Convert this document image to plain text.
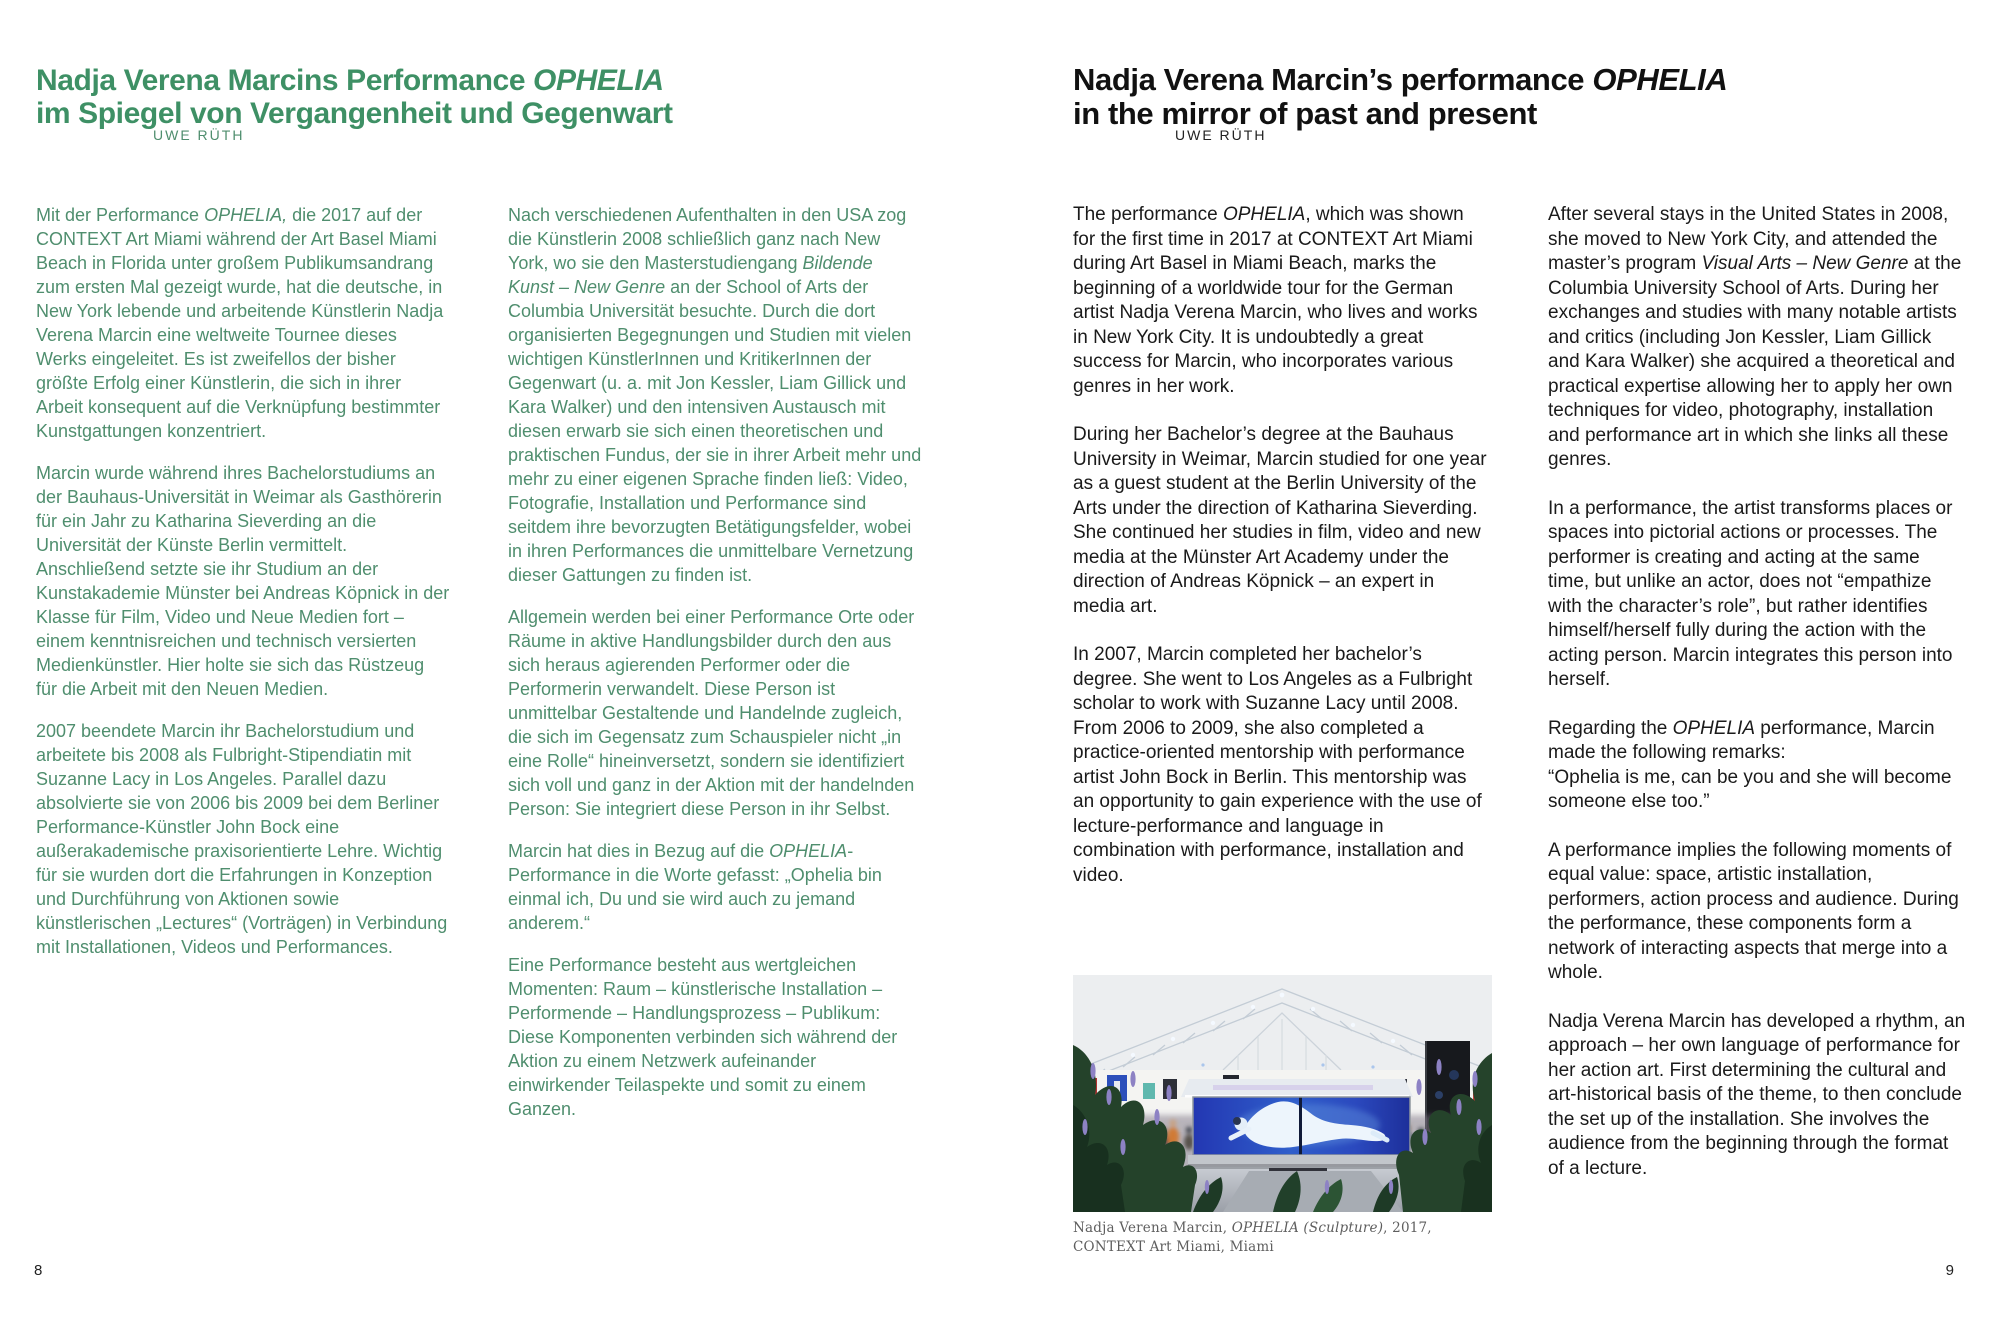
Nadja Verena Marcins Performance OPHELIA

im Spiegel von Vergangenheit und Gegenwart

UWE RÜTH

Mit der Performance OPHELIA, die 2017 auf der CONTEXT Art Miami während der Art Basel Miami Beach in Florida unter großem Publikumsandrang zum ersten Mal gezeigt wurde, hat die deutsche, in New York lebende und arbeitende Künstlerin Nadja Verena Marcin eine weltweite Tournee dieses Werks eingeleitet. Es ist zweifellos der bisher größte Erfolg einer Künstlerin, die sich in ihrer Arbeit konsequent auf die Verknüpfung bestimmter Kunstgattungen konzentriert.

Marcin wurde während ihres Bachelorstudiums an der Bauhaus-Universität in Weimar als Gasthörerin für ein Jahr zu Katharina Sieverding an die Universität der Künste Berlin vermittelt. Anschließend setzte sie ihr Studium an der Kunstakademie Münster bei Andreas Köpnick in der Klasse für Film, Video und Neue Medien fort – einem kenntnisreichen und technisch versierten Medienkünstler. Hier holte sie sich das Rüstzeug für die Arbeit mit den Neuen Medien.

2007 beendete Marcin ihr Bachelorstudium und arbeitete bis 2008 als Fulbright-Stipendiatin mit Suzanne Lacy in Los Angeles. Parallel dazu absolvierte sie von 2006 bis 2009 bei dem Berliner Performance-Künstler John Bock eine außerakademische praxisorientierte Lehre. Wichtig für sie wurden dort die Erfahrungen in Konzeption und Durchführung von Aktionen sowie künstlerischen „Lectures“ (Vorträgen) in Verbindung mit Installationen, Videos und Performances.

Nach verschiedenen Aufenthalten in den USA zog die Künstlerin 2008 schließlich ganz nach New York, wo sie den Masterstudiengang Bildende Kunst – New Genre an der School of Arts der Columbia Universität besuchte. Durch die dort organisierten Begegnungen und Studien mit vielen wichtigen KünstlerInnen und KritikerInnen der Gegenwart (u. a. mit Jon Kessler, Liam Gillick und Kara Walker) und den intensiven Austausch mit diesen erwarb sie sich einen theoretischen und praktischen Fundus, der sie in ihrer Arbeit mehr und mehr zu einer eigenen Sprache finden ließ: Video, Fotografie, Installation und Performance sind seitdem ihre bevorzugten Betätigungsfelder, wobei in ihren Performances die unmittelbare Vernetzung dieser Gattungen zu finden ist.

Allgemein werden bei einer Performance Orte oder Räume in aktive Handlungsbilder durch den aus sich heraus agierenden Performer oder die Performerin verwandelt. Diese Person ist unmittelbar Gestaltende und Handelnde zugleich, die sich im Gegensatz zum Schauspieler nicht „in eine Rolle“ hineinversetzt, sondern sie identifiziert sich voll und ganz in der Aktion mit der handelnden Person: Sie integriert diese Person in ihr Selbst.

Marcin hat dies in Bezug auf die OPHELIA-Performance in die Worte gefasst: „Ophelia bin einmal ich, Du und sie wird auch zu jemand anderem.“

Eine Performance besteht aus wertgleichen Momenten: Raum – künstlerische Installation – Performende – Handlungsprozess – Publikum: Diese Komponenten verbinden sich während der Aktion zu einem Netzwerk aufeinander einwirkender Teilaspekte und somit zu einem Ganzen.

8

Nadja Verena Marcin’s performance OPHELIA

in the mirror of past and present

UWE RÜTH

The performance OPHELIA, which was shown for the first time in 2017 at CONTEXT Art Miami during Art Basel in Miami Beach, marks the beginning of a worldwide tour for the German artist Nadja Verena Marcin, who lives and works in New York City. It is undoubtedly a great success for Marcin, who incorporates various genres in her work.

During her Bachelor’s degree at the Bauhaus University in Weimar, Marcin studied for one year as a guest student at the Berlin University of the Arts under the direction of Katharina Sieverding. She continued her studies in film, video and new media at the Münster Art Academy under the direction of Andreas Köpnick – an expert in media art.

In 2007, Marcin completed her bachelor’s degree. She went to Los Angeles as a Fulbright scholar to work with Suzanne Lacy until 2008. From 2006 to 2009, she also completed a practice-oriented mentorship with performance artist John Bock in Berlin. This mentorship was an opportunity to gain experience with the use of lecture-performance and language in combination with performance, installation and video.

After several stays in the United States in 2008, she moved to New York City, and attended the master’s program Visual Arts – New Genre at the Columbia University School of Arts. During her exchanges and studies with many notable artists and critics (including Jon Kessler, Liam Gillick and Kara Walker) she acquired a theoretical and practical expertise allowing her to apply her own techniques for video, photography, installation and performance art in which she links all these genres.

In a performance, the artist transforms places or spaces into pictorial actions or processes. The performer is creating and acting at the same time, but unlike an actor, does not “empathize with the character’s role”, but rather identifies himself/herself fully during the action with the acting person. Marcin integrates this person into herself.

Regarding the OPHELIA performance, Marcin made the following remarks:
“Ophelia is me, can be you and she will become someone else too.”

A performance implies the following moments of equal value: space, artistic installation, performers, action process and audience. During the performance, these components form a network of interacting aspects that merge into a whole.

Nadja Verena Marcin has developed a rhythm, an approach – her own language of performance for her action art. First determining the cultural and art-historical basis of the theme, to then conclude the set up of the installation. She involves the audience from the beginning through the format of a lecture.

Nadja Verena Marcin, OPHELIA (Sculpture), 2017,
CONTEXT Art Miami, Miami
9
